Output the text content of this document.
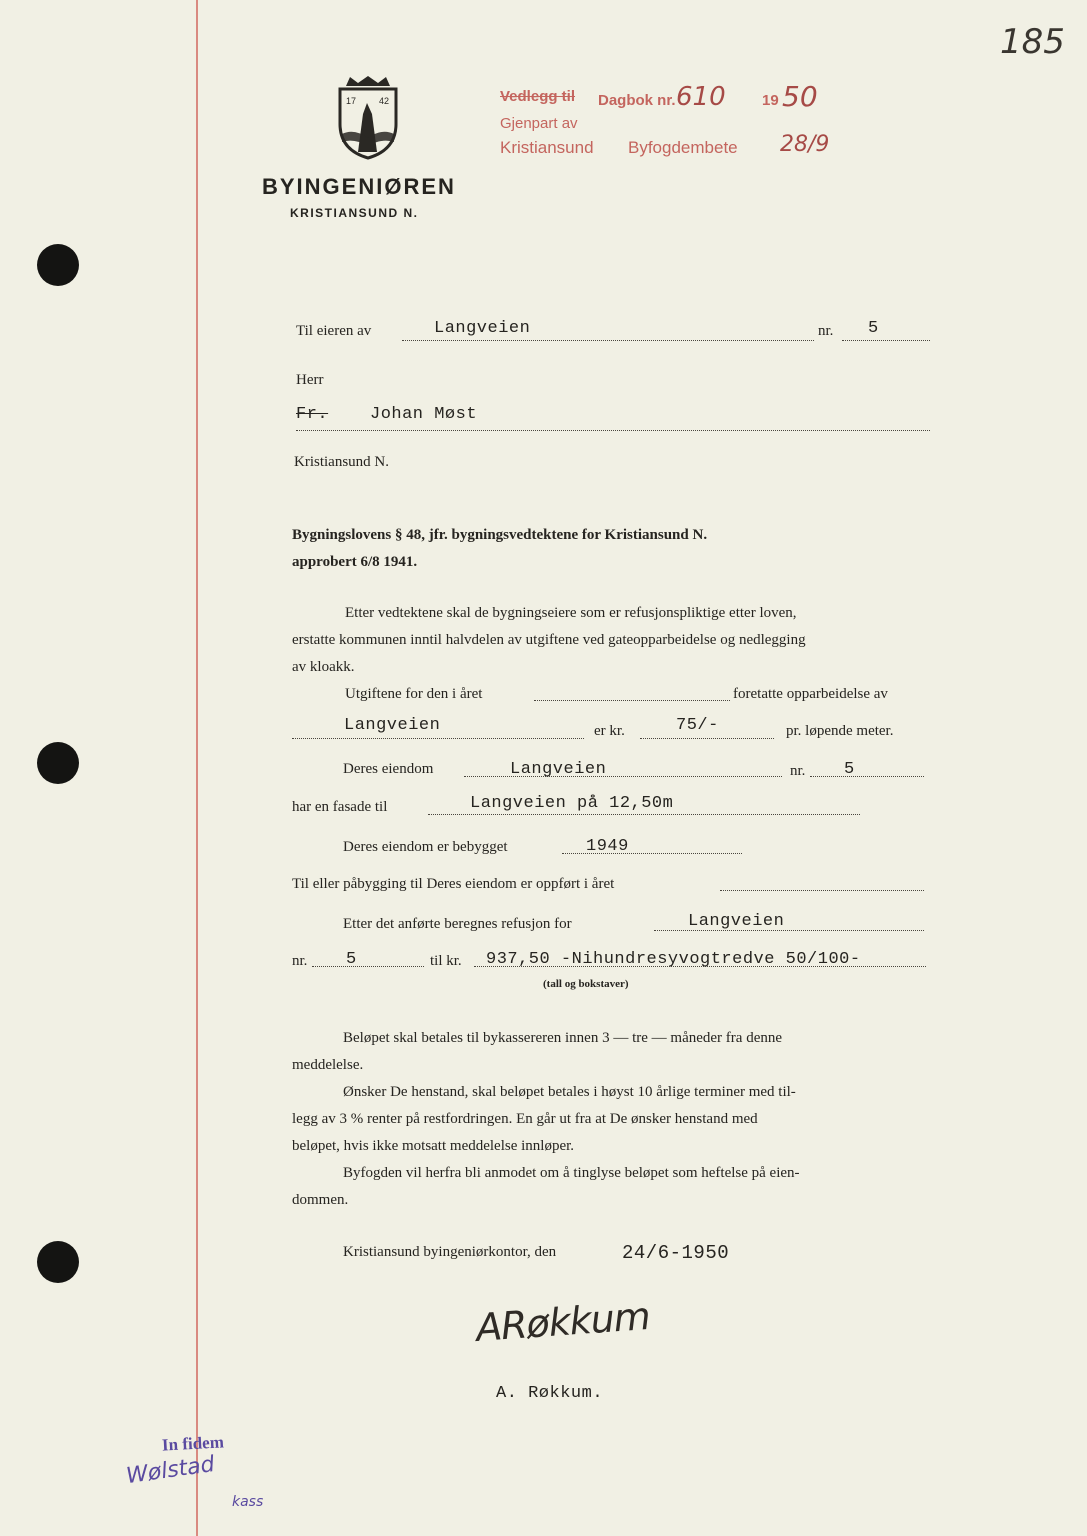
185
Vedlegg til Dagbok nr. 610 19 50
Gjenpart av
Kristiansund Byfogdembete 28/9
17	42
BYINGENIØREN
KRISTIANSUND N.
Til eieren av	Langveien	nr. 5
Herr
Fr. Johan Møst
Kristiansund N.
Bygningslovens § 48, jfr. bygningsvedtektene for Kristiansund N.
approbert 6/8 1941.
Etter vedtektene skal de bygningseiere som er refusjonspliktige etter loven,
erstatte kommunen inntil halvdelen av utgiftene ved gateopparbeidelse og nedlegging
av kloakk.
Utgiftene for den i året	foretatte opparbeidelse av
Langveien	er kr.	75/-	pr. løpende meter.
Deres eiendom	Langveien	nr. 5
har en fasade til	Langveien på 12,50m
Deres eiendom er bebygget	1949
Til eller påbygging til Deres eiendom er oppført i året
Etter det anførte beregnes refusjon for	Langveien
nr. 5	til kr. 937,50 -Nihundresyvogtredve 50/100-
(tall og bokstaver)
Beløpet skal betales til bykassereren innen 3 — tre — måneder fra denne
meddelelse.
Ønsker De henstand, skal beløpet betales i høyst 10 årlige terminer med til-
legg av 3 % renter på restfordringen. En går ut fra at De ønsker henstand med
beløpet, hvis ikke motsatt meddelelse innløper.
Byfogden vil herfra bli anmodet om å tinglyse beløpet som heftelse på eien-
dommen.
Kristiansund byingeniørkontor, den	24/6-1950
ARøkkum
A. Røkkum.
In fidem
Wølstad
kass
